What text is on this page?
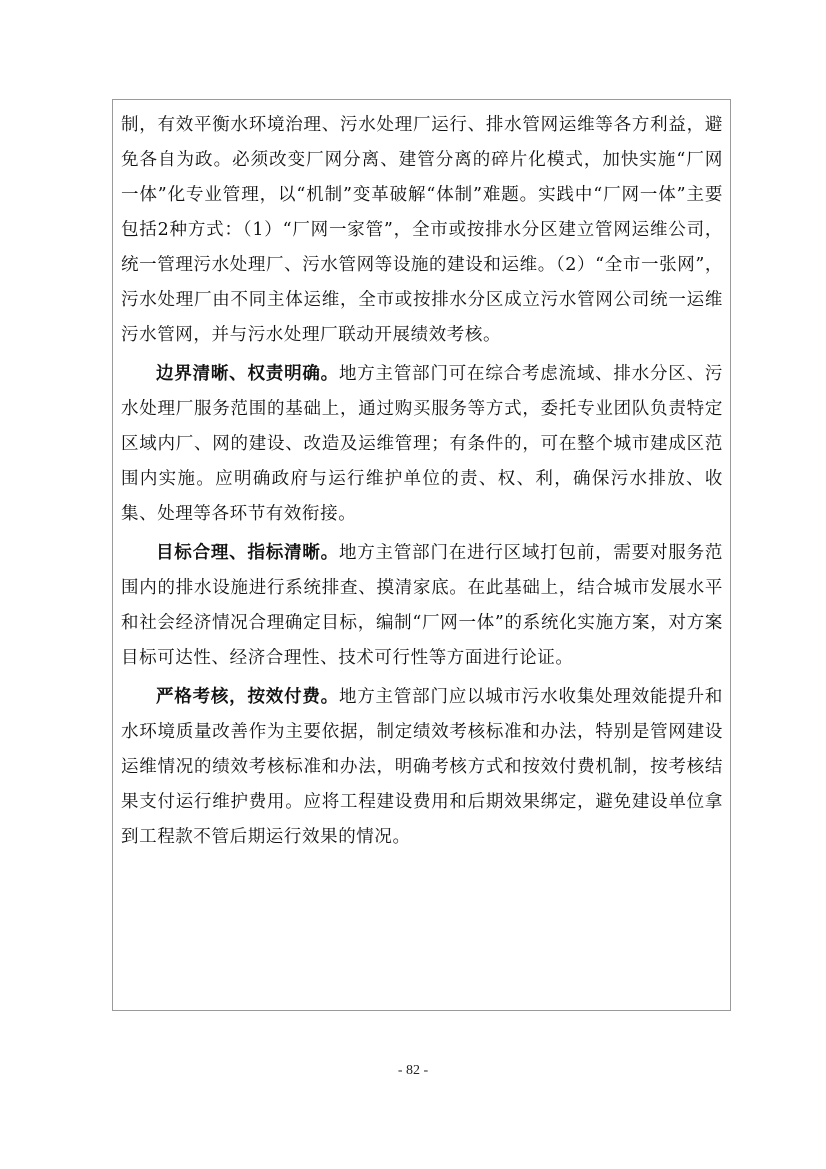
制，有效平衡水环境治理、污水处理厂运行、排水管网运维等各方利益，避免各自为政。必须改变厂网分离、建管分离的碎片化模式，加快实施“厂网一体”化专业管理，以“机制”变革破解“体制”难题。实践中“厂网一体”主要包括2种方式：（1）“厂网一家管”，全市或按排水分区建立管网运维公司，统一管理污水处理厂、污水管网等设施的建设和运维。（2）“全市一张网”，污水处理厂由不同主体运维，全市或按排水分区成立污水管网公司统一运维污水管网，并与污水处理厂联动开展绩效考核。

边界清晰、权责明确。地方主管部门可在综合考虑流域、排水分区、污水处理厂服务范围的基础上，通过购买服务等方式，委托专业团队负责特定区域内厂、网的建设、改造及运维管理；有条件的，可在整个城市建成区范围内实施。应明确政府与运行维护单位的责、权、利，确保污水排放、收集、处理等各环节有效衔接。

目标合理、指标清晰。地方主管部门在进行区域打包前，需要对服务范围内的排水设施进行系统排查、摸清家底。在此基础上，结合城市发展水平和社会经济情况合理确定目标，编制“厂网一体”的系统化实施方案，对方案目标可达性、经济合理性、技术可行性等方面进行论证。

严格考核，按效付费。地方主管部门应以城市污水收集处理效能提升和水环境质量改善作为主要依据，制定绩效考核标准和办法，特别是管网建设运维情况的绩效考核标准和办法，明确考核方式和按效付费机制，按考核结果支付运行维护费用。应将工程建设费用和后期效果绑定，避免建设单位拿到工程款不管后期运行效果的情况。

- 82 -
